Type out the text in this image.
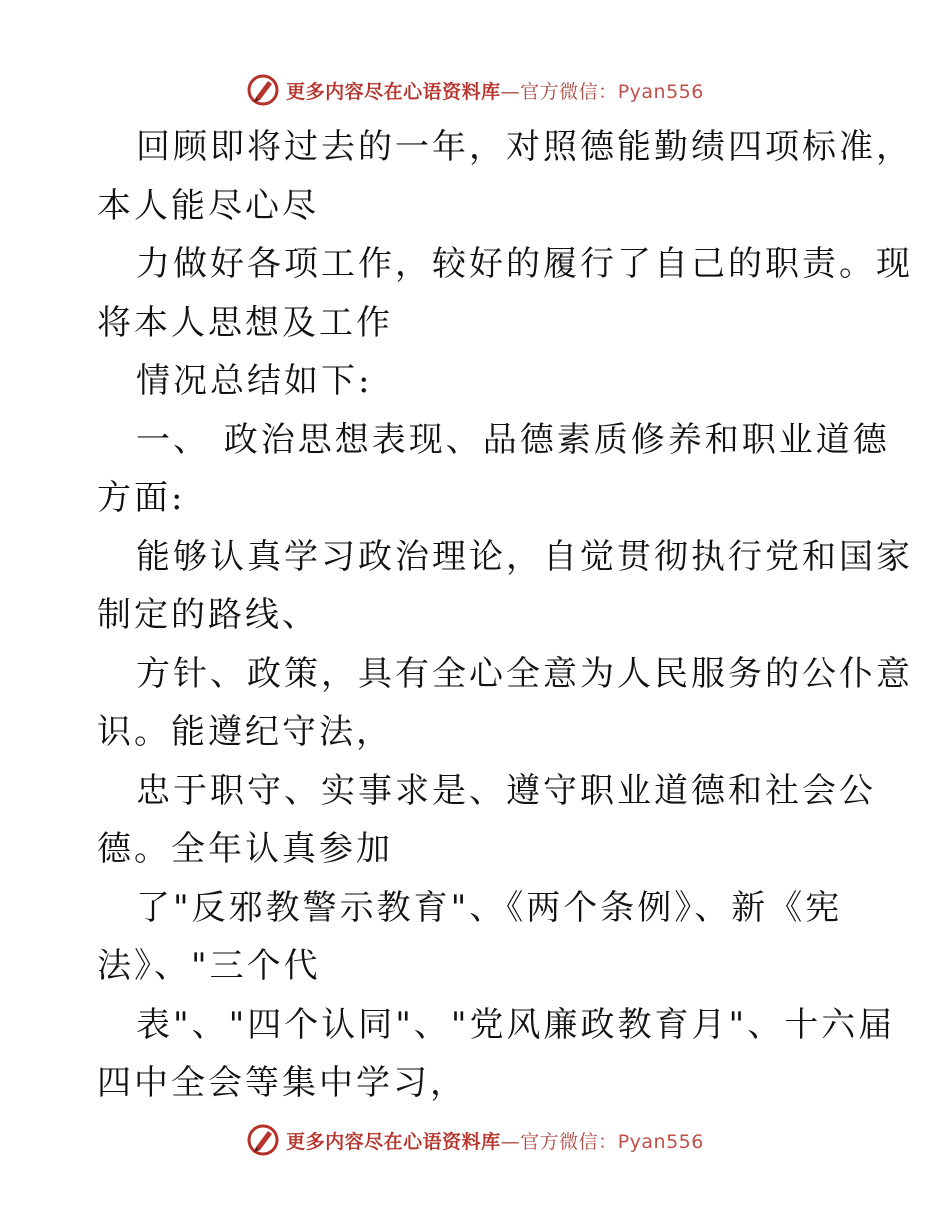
更多内容尽在心语资料库—官方微信：Pyan556
回顾即将过去的一年，对照德能勤绩四项标准，
本人能尽心尽
力做好各项工作，较好的履行了自己的职责。现
将本人思想及工作
情况总结如下:
一、 政治思想表现、品德素质修养和职业道德
方面:
能够认真学习政治理论，自觉贯彻执行党和国家
制定的路线、
方针、政策，具有全心全意为人民服务的公仆意
识。能遵纪守法，
忠于职守、实事求是、遵守职业道德和社会公
德。全年认真参加
了"反邪教警示教育"、《两个条例》、新《宪
法》、"三个代
表"、"四个认同"、"党风廉政教育月"、十六届
四中全会等集中学习，
更多内容尽在心语资料库—官方微信：Pyan556
